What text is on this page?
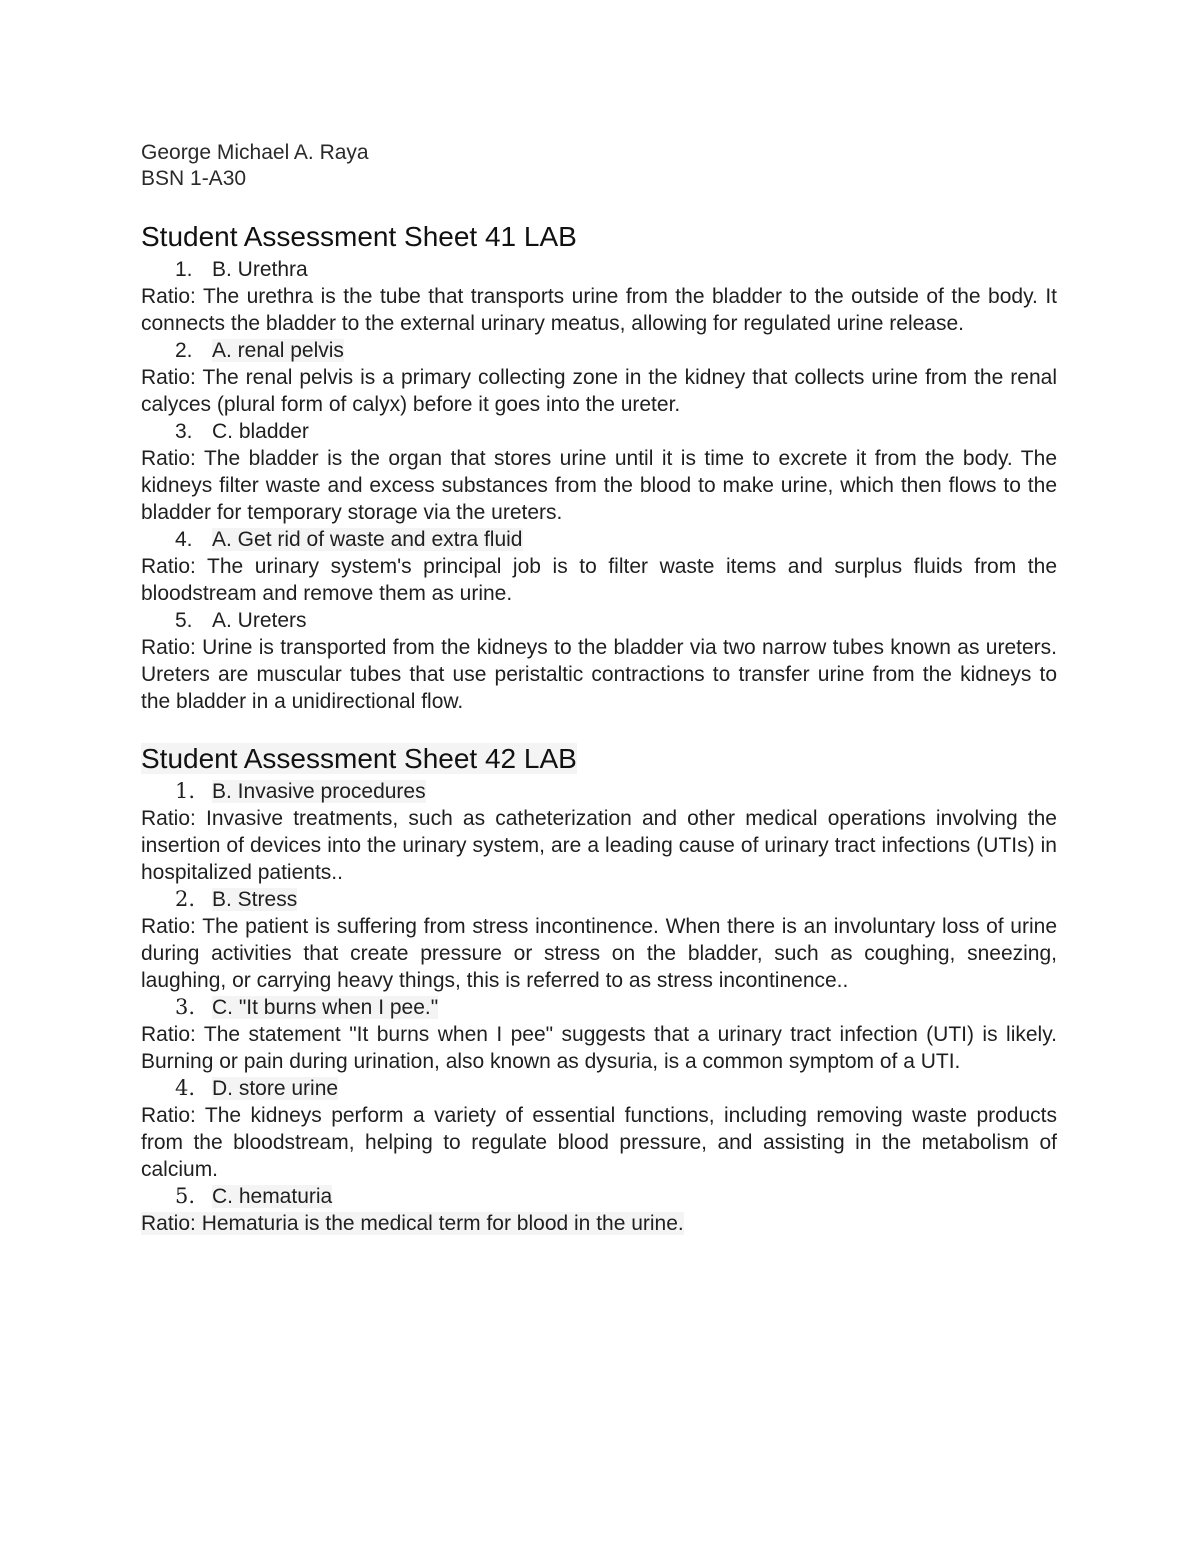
George Michael A. Raya
BSN 1-A30
Student Assessment Sheet 41 LAB
1. B. Urethra

Ratio: The urethra is the tube that transports urine from the bladder to the outside of the body. It connects the bladder to the external urinary meatus, allowing for regulated urine release.

2. A. renal pelvis

Ratio: The renal pelvis is a primary collecting zone in the kidney that collects urine from the renal calyces (plural form of calyx) before it goes into the ureter.

3. C. bladder

Ratio: The bladder is the organ that stores urine until it is time to excrete it from the body. The kidneys filter waste and excess substances from the blood to make urine, which then flows to the bladder for temporary storage via the ureters.

4. A. Get rid of waste and extra fluid

Ratio: The urinary system's principal job is to filter waste items and surplus fluids from the bloodstream and remove them as urine.

5. A. Ureters

Ratio: Urine is transported from the kidneys to the bladder via two narrow tubes known as ureters. Ureters are muscular tubes that use peristaltic contractions to transfer urine from the kidneys to the bladder in a unidirectional flow.

Student Assessment Sheet 42 LAB
1. B. Invasive procedures

Ratio: Invasive treatments, such as catheterization and other medical operations involving the insertion of devices into the urinary system, are a leading cause of urinary tract infections (UTIs) in hospitalized patients..

2. B. Stress

Ratio: The patient is suffering from stress incontinence. When there is an involuntary loss of urine during activities that create pressure or stress on the bladder, such as coughing, sneezing, laughing, or carrying heavy things, this is referred to as stress incontinence..

3. C. "It burns when I pee."

Ratio: The statement "It burns when I pee" suggests that a urinary tract infection (UTI) is likely. Burning or pain during urination, also known as dysuria, is a common symptom of a UTI.

4. D. store urine

Ratio: The kidneys perform a variety of essential functions, including removing waste products from the bloodstream, helping to regulate blood pressure, and assisting in the metabolism of calcium.

5. C. hematuria

Ratio: Hematuria is the medical term for blood in the urine.
